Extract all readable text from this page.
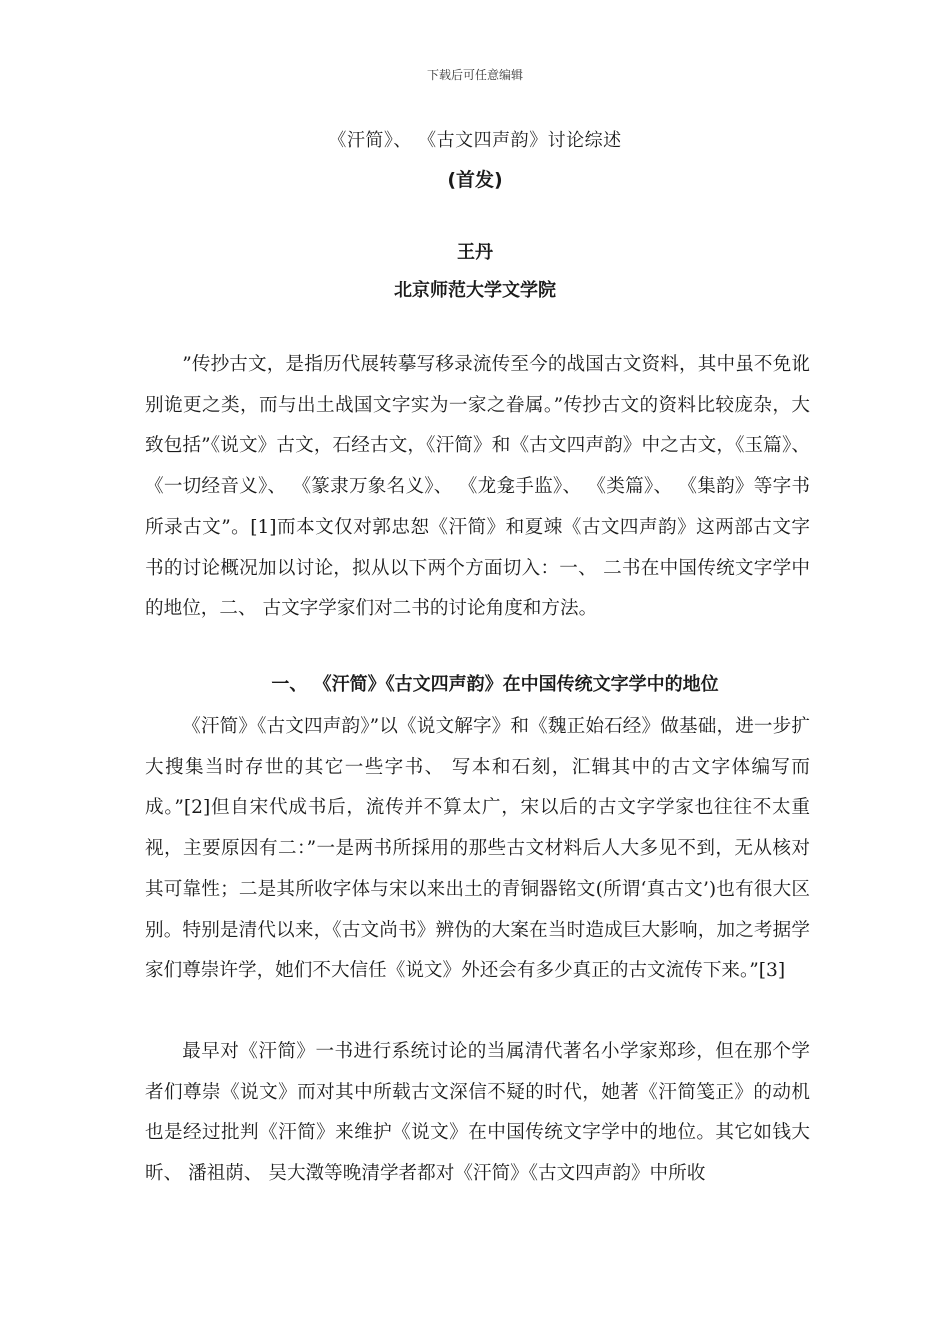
下载后可任意编辑
《汗简》、 《古文四声韵》讨论综述
(首发)
王丹
北京师范大学文学院

”传抄古文，是指历代展转摹写移录流传至今的战国古文资料，其中虽不免讹别诡更之类，而与出土战国文字实为一家之眷属。”传抄古文的资料比较庞杂，大致包括”《说文》古文，石经古文，《汗简》和《古文四声韵》中之古文，《玉篇》、 《一切经音义》、 《篆隶万象名义》、 《龙龛手监》、 《类篇》、 《集韵》等字书所录古文”。[1]而本文仅对郭忠恕《汗简》和夏竦《古文四声韵》这两部古文字书的讨论概况加以讨论，拟从以下两个方面切入：一、 二书在中国传统文字学中的地位，二、 古文字学家们对二书的讨论角度和方法。

一、 《汗简》《古文四声韵》在中国传统文字学中的地位

《汗简》《古文四声韵》”以《说文解字》和《魏正始石经》做基础，进一步扩大搜集当时存世的其它一些字书、 写本和石刻，汇辑其中的古文字体编写而成。”[2]但自宋代成书后，流传并不算太广，宋以后的古文字学家也往往不太重视，主要原因有二：”一是两书所採用的那些古文材料后人大多见不到，无从核对其可靠性；二是其所收字体与宋以来出土的青铜器铭文(所谓‘真古文’)也有很大区别。特别是清代以来，《古文尚书》辨伪的大案在当时造成巨大影响，加之考据学家们尊崇许学，她们不大信任《说文》外还会有多少真正的古文流传下来。”[3]

最早对《汗简》一书进行系统讨论的当属清代著名小学家郑珍，但在那个学者们尊崇《说文》而对其中所载古文深信不疑的时代，她著《汗简笺正》的动机也是经过批判《汗简》来维护《说文》在中国传统文字学中的地位。其它如钱大昕、 潘祖荫、 吴大澂等晚清学者都对《汗简》《古文四声韵》中所收
